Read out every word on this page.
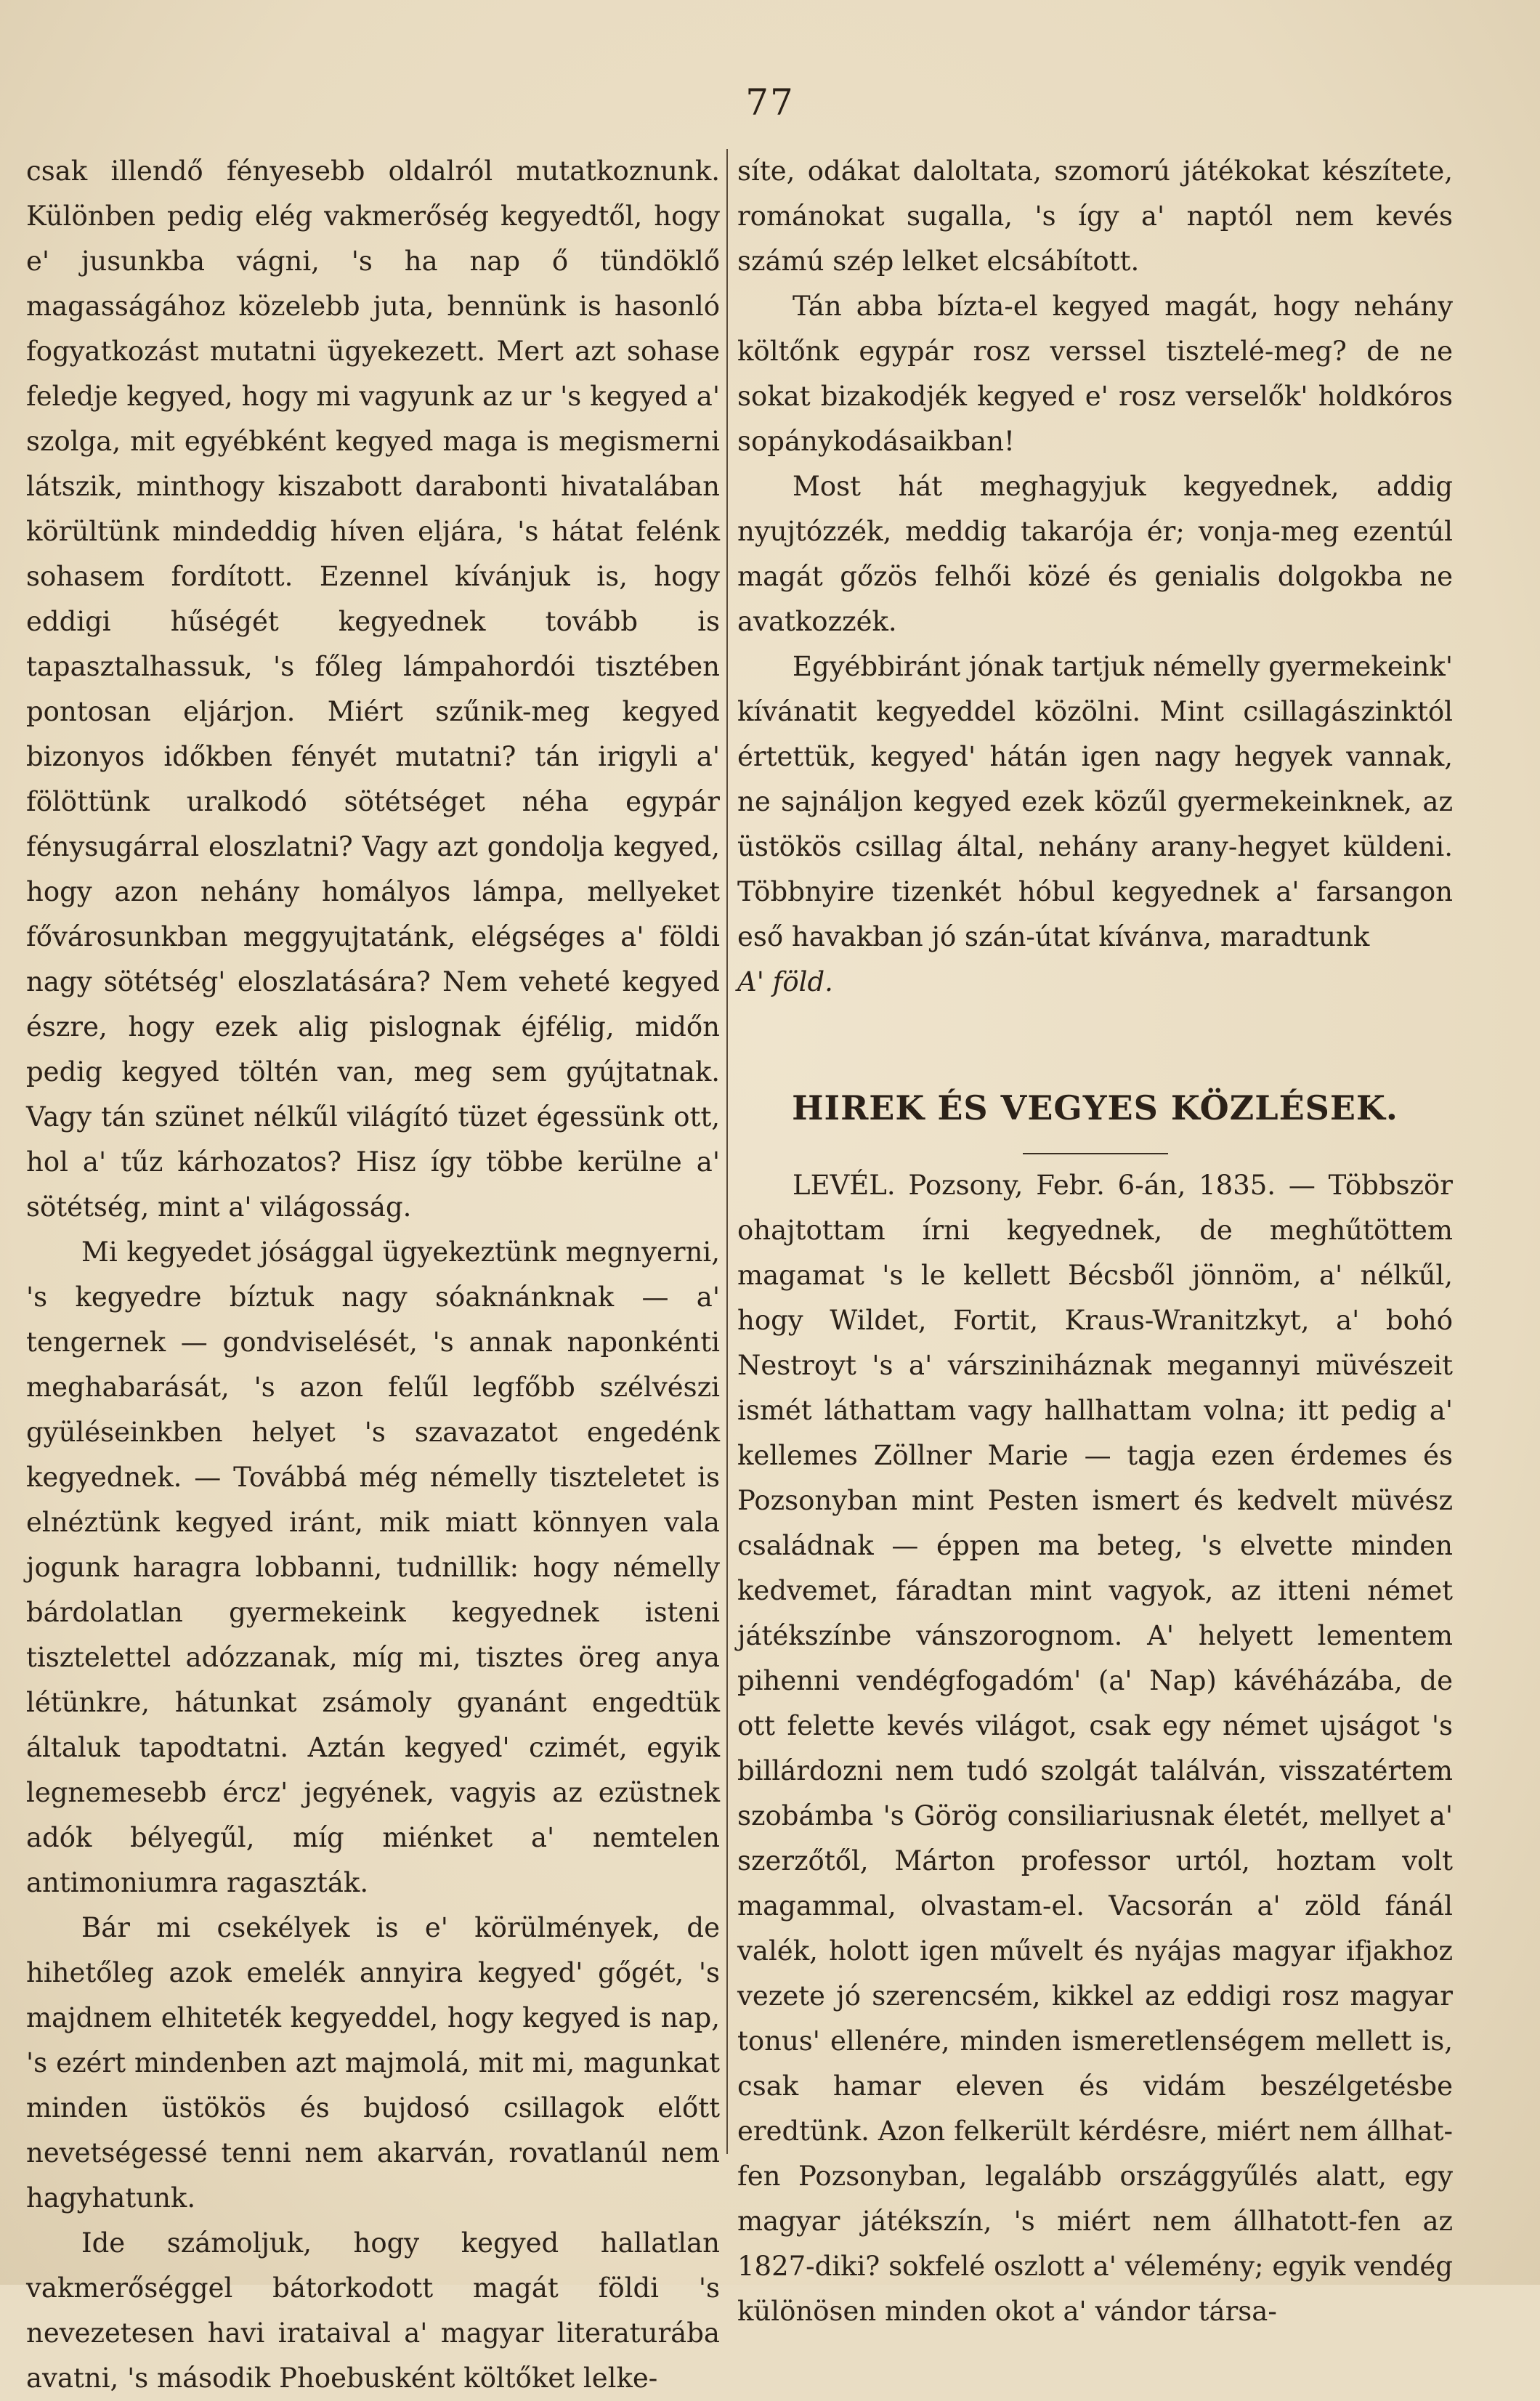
77

csak illendő fényesebb oldalról mutatkoznunk. Különben pedig elég vakmerőség kegyedtől, hogy e' jusunkba vágni, 's ha nap ő tündöklő magasságához közelebb juta, bennünk is hasonló fogyatkozást mutatni ügyekezett. Mert azt sohase feledje kegyed, hogy mi vagyunk az ur 's kegyed a' szolga, mit egyébként kegyed maga is megismerni látszik, minthogy kiszabott darabonti hivatalában körültünk mindeddig híven eljára, 's hátat felénk sohasem fordított. Ezennel kívánjuk is, hogy eddigi hűségét kegyednek tovább is tapasztalhassuk, 's főleg lámpahordói tisztében pontosan eljárjon. Miért szűnik-meg kegyed bizonyos időkben fényét mutatni? tán irigyli a' fölöttünk uralkodó sötétséget néha egypár fénysugárral eloszlatni? Vagy azt gondolja kegyed, hogy azon nehány homályos lámpa, mellyeket fővárosunkban meggyujtatánk, elégséges a' földi nagy sötétség' eloszlatására? Nem veheté kegyed észre, hogy ezek alig pislognak éjfélig, midőn pedig kegyed töltén van, meg sem gyújtatnak. Vagy tán szünet nélkűl világító tüzet égessünk ott, hol a' tűz kárhozatos? Hisz így többe kerülne a' sötétség, mint a' világosság.

Mi kegyedet jósággal ügyekeztünk megnyerni, 's kegyedre bíztuk nagy sóaknánknak — a' tengernek — gondviselését, 's annak naponkénti meghabarását, 's azon felűl legfőbb szélvészi gyüléseinkben helyet 's szavazatot engedénk kegyednek. — Továbbá még némelly tiszteletet is elnéztünk kegyed iránt, mik miatt könnyen vala jogunk haragra lobbanni, tudnillik: hogy némelly bárdolatlan gyermekeink kegyednek isteni tisztelettel adózzanak, míg mi, tisztes öreg anya létünkre, hátunkat zsámoly gyanánt engedtük általuk tapodtatni. Aztán kegyed' czimét, egyik legnemesebb ércz' jegyének, vagyis az ezüstnek adók bélyegűl, míg miénket a' nemtelen antimoniumra ragaszták.

Bár mi csekélyek is e' körülmények, de hihetőleg azok emelék annyira kegyed' gőgét, 's majdnem elhiteték kegyeddel, hogy kegyed is nap, 's ezért mindenben azt majmolá, mit mi, magunkat minden üstökös és bujdosó csillagok előtt nevetségessé tenni nem akarván, rovatlanúl nem hagyhatunk.

Ide számoljuk, hogy kegyed hallatlan vakmerőséggel bátorkodott magát földi 's nevezetesen havi irataival a' magyar literaturába avatni, 's második Phoebusként költőket lelke-

síte, odákat daloltata, szomorú játékokat készítete, románokat sugalla, 's így a' naptól nem kevés számú szép lelket elcsábított.

Tán abba bízta-el kegyed magát, hogy nehány költőnk egypár rosz verssel tisztelé-meg? de ne sokat bizakodjék kegyed e' rosz verselők' holdkóros sopánykodásaikban!

Most hát meghagyjuk kegyednek, addig nyujtózzék, meddig takarója ér; vonja-meg ezentúl magát gőzös felhői közé és genialis dolgokba ne avatkozzék.

Egyébbiránt jónak tartjuk némelly gyermekeink' kívánatit kegyeddel közölni. Mint csillagászinktól értettük, kegyed' hátán igen nagy hegyek vannak, ne sajnáljon kegyed ezek közűl gyermekeinknek, az üstökös csillag által, nehány arany-hegyet küldeni. Többnyire tizenkét hóbul kegyednek a' farsangon eső havakban jó szán-útat kívánva, maradtunk

A' föld.

HIREK ÉS VEGYES KÖZLÉSEK.

LEVÉL. Pozsony, Febr. 6-án, 1835. — Többször ohajtottam írni kegyednek, de meghűtöttem magamat 's le kellett Bécsből jönnöm, a' nélkűl, hogy Wildet, Fortit, Kraus-Wranitzkyt, a' bohó Nestroyt 's a' vársziniháznak megannyi müvészeit ismét láthattam vagy hallhattam volna; itt pedig a' kellemes Zöllner Marie — tagja ezen érdemes és Pozsonyban mint Pesten ismert és kedvelt müvész családnak — éppen ma beteg, 's elvette minden kedvemet, fáradtan mint vagyok, az itteni német játékszínbe vánszorognom. A' helyett lementem pihenni vendégfogadóm' (a' Nap) kávéházába, de ott felette kevés világot, csak egy német ujságot 's billárdozni nem tudó szolgát találván, visszatértem szobámba 's Görög consiliariusnak életét, mellyet a' szerzőtől, Márton professor urtól, hoztam volt magammal, olvastam-el. Vacsorán a' zöld fánál valék, holott igen művelt és nyájas magyar ifjakhoz vezete jó szerencsém, kikkel az eddigi rosz magyar tonus' ellenére, minden ismeretlenségem mellett is, csak hamar eleven és vidám beszélgetésbe eredtünk. Azon felkerült kérdésre, miért nem állhat-fen Pozsonyban, legalább országgyűlés alatt, egy magyar játékszín, 's miért nem állhatott-fen az 1827-diki? sokfelé oszlott a' vélemény; egyik vendég különösen minden okot a' vándor társa-
